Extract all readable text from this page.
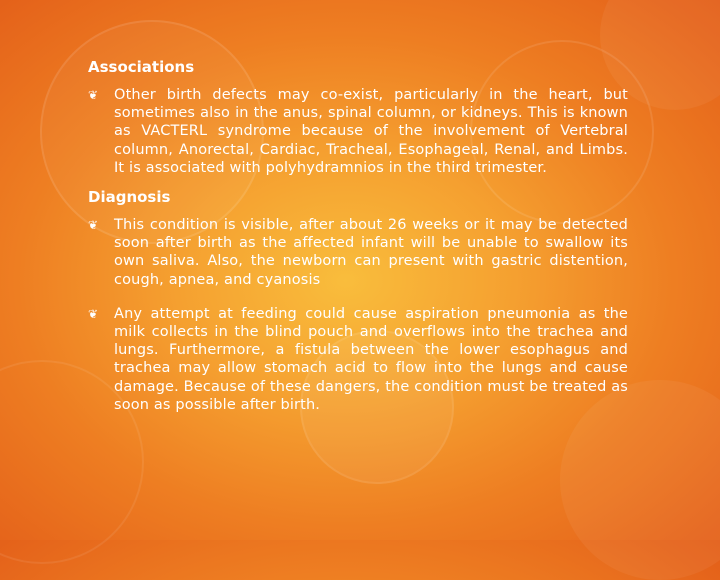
Associations
❦ Other birth defects may co-exist, particularly in the heart, but sometimes also in the anus, spinal column, or kidneys. This is known as VACTERL syndrome because of the involvement of Vertebral column, Anorectal, Cardiac, Tracheal, Esophageal, Renal, and Limbs. It is associated with polyhydramnios in the third trimester.
Diagnosis
❦ This condition is visible, after about 26 weeks or it may be detected soon after birth as the affected infant will be unable to swallow its own saliva. Also, the newborn can present with gastric distention, cough, apnea, and cyanosis
❦ Any attempt at feeding could cause aspiration pneumonia as the milk collects in the blind pouch and overflows into the trachea and lungs. Furthermore, a fistula between the lower esophagus and trachea may allow stomach acid to flow into the lungs and cause damage. Because of these dangers, the condition must be treated as soon as possible after birth.
